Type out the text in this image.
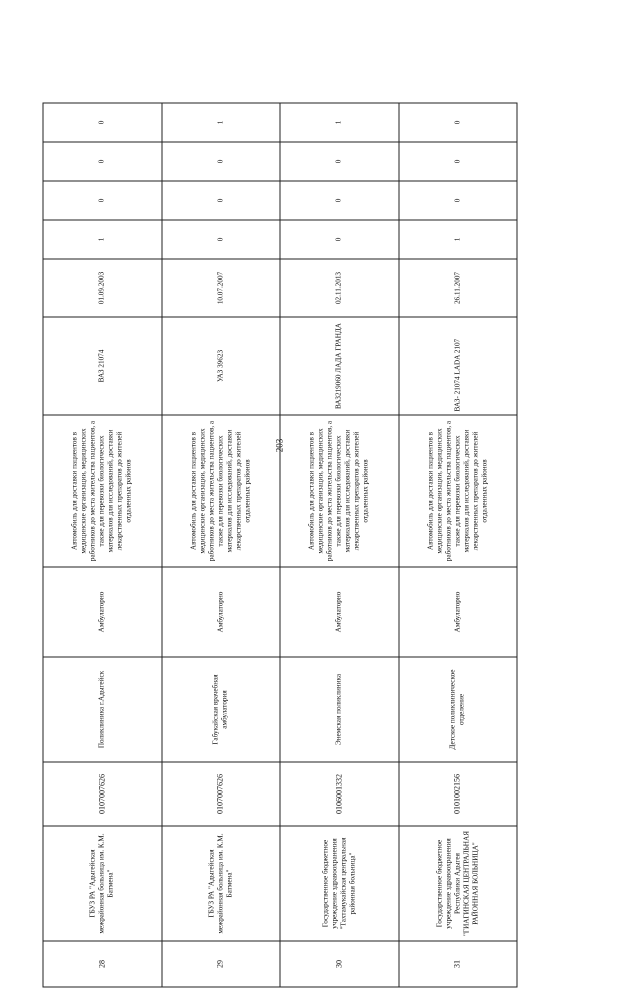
203
28	ГБУЗ РА "Адыгейская межрайонная больница им. К.М. Батмена"	0107007626	Поликлиника г.Адыгейск	Амбулаторно	Автомобиль для доставки пациентов в медицинские организации, медицинских работников до места жительства пациентов, а также для перевозки биологических материалов для исследований, доставки лекарственных препаратов до жителей отдаленных районов	ВАЗ 21074	01.09.2003	1	0	0	0
29	ГБУЗ РА "Адыгейская межрайонная больница им. К.М. Батмена"	0107007626	Габукайская врачебная амбулатория	Амбулаторно	Автомобиль для доставки пациентов в медицинские организации, медицинских работников до места жительства пациентов, а также для перевозки биологических материалов для исследований, доставки лекарственных препаратов до жителей отдаленных районов	УАЗ 39623	10.07.2007	0	0	0	1
30	Государственное бюджетное учреждение здравоохранения "Тахтамукайская центральная районная больница"	0106001332	Энемская поликлиника	Амбулаторно	Автомобиль для доставки пациентов в медицинские организации, медицинских работников до места жительства пациентов, а также для перевозки биологических материалов для исследований, доставки лекарственных препаратов до жителей отдаленных районов	ВАЗ219060 ЛАДА ГРАНДА	02.11.2013	0	0	0	1
31	Государственное бюджетное учреждение здравоохранения Республики Адыгея "ГИАГИНСКАЯ ЦЕНТРАЛЬНАЯ РАЙОННАЯ БОЛЬНИЦА"	0101002156	Детское поликлиническое отделение	Амбулаторно	Автомобиль для доставки пациентов в медицинские организации, медицинских работников до места жительства пациентов, а также для перевозки биологических материалов для исследований, доставки лекарственных препаратов до жителей отдаленных районов	ВАЗ- 21074 LADA 2107	26.11.2007	1	0	0	0
